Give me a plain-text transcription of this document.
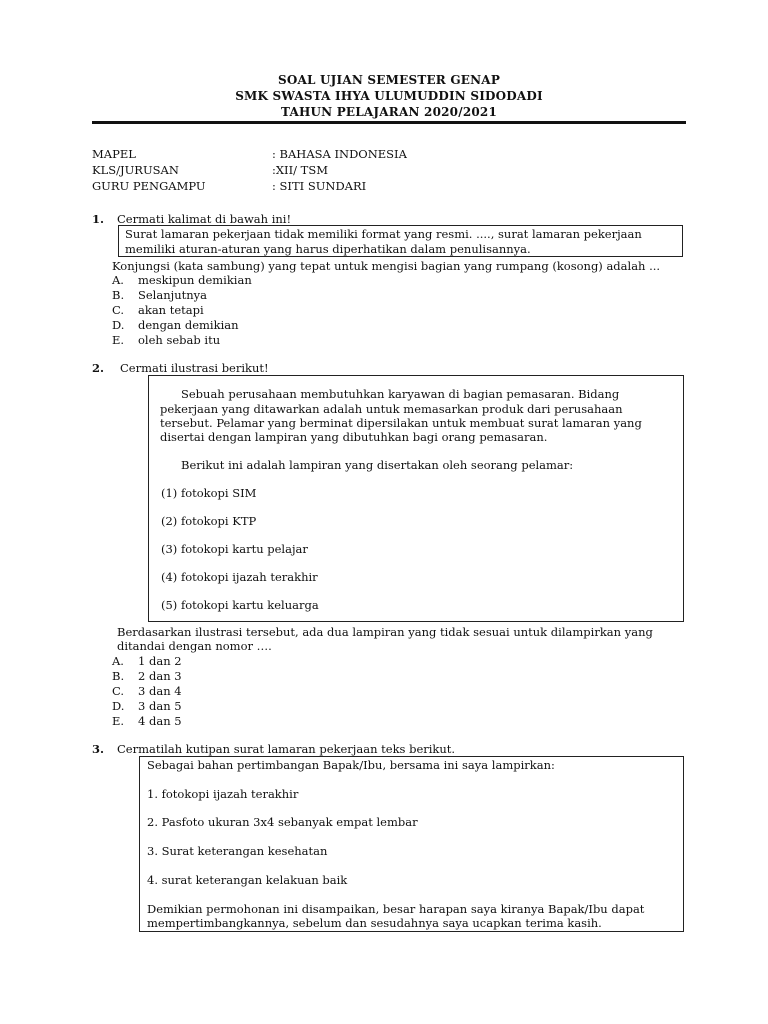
SOAL UJIAN SEMESTER GENAP
SMK SWASTA IHYA ULUMUDDIN SIDODADI
TAHUN PELAJARAN 2020/2021
MAPEL	: BAHASA INDONESIA
KLS/JURUSAN	:XII/ TSM
GURU PENGAMPU	: SITI SUNDARI
1. Cermati kalimat di bawah ini!
Surat lamaran pekerjaan tidak memiliki format yang resmi. ...., surat lamaran pekerjaan
memiliki aturan-aturan yang harus diperhatikan dalam penulisannya.
Konjungsi (kata sambung) yang tepat untuk mengisi bagian yang rumpang (kosong) adalah ...
A. meskipun demikian
B. Selanjutnya
C. akan tetapi
D. dengan demikian
E. oleh sebab itu
2. Cermati ilustrasi berikut!
Sebuah perusahaan membutuhkan karyawan di bagian pemasaran. Bidang
pekerjaan yang ditawarkan adalah untuk memasarkan produk dari perusahaan
tersebut. Pelamar yang berminat dipersilakan untuk membuat surat lamaran yang
disertai dengan lampiran yang dibutuhkan bagi orang pemasaran.
Berikut ini adalah lampiran yang disertakan oleh seorang pelamar:
(1) fotokopi SIM
(2) fotokopi KTP
(3) fotokopi kartu pelajar
(4) fotokopi ijazah terakhir
(5) fotokopi kartu keluarga
Berdasarkan ilustrasi tersebut, ada dua lampiran yang tidak sesuai untuk dilampirkan yang
ditandai dengan nomor ….
A. 1 dan 2
B. 2 dan 3
C. 3 dan 4
D. 3 dan 5
E. 4 dan 5
3. Cermatilah kutipan surat lamaran pekerjaan teks berikut.
Sebagai bahan pertimbangan Bapak/Ibu, bersama ini saya lampirkan:
1. fotokopi ijazah terakhir
2. Pasfoto ukuran 3x4 sebanyak empat lembar
3. Surat keterangan kesehatan
4. surat keterangan kelakuan baik
Demikian permohonan ini disampaikan, besar harapan saya kiranya Bapak/Ibu dapat
mempertimbangkannya, sebelum dan sesudahnya saya ucapkan terima kasih.
